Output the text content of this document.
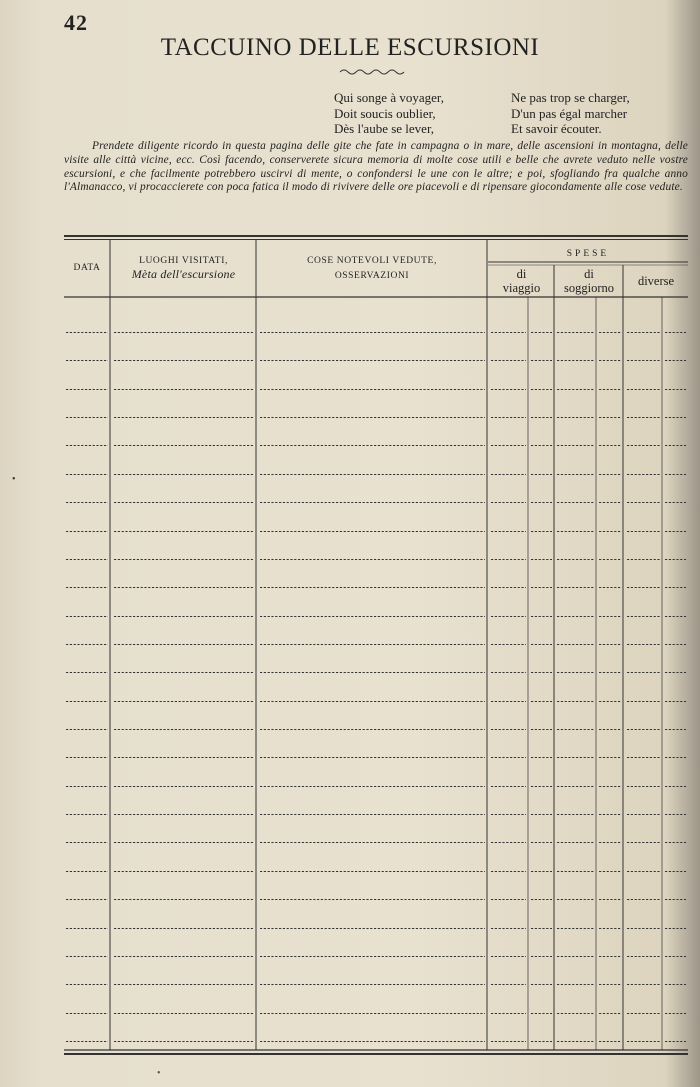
42
TACCUINO DELLE ESCURSIONI
Qui songe à voyager,
Doit soucis oublier,
Dès l'aube se lever,
Ne pas trop se charger,
D'un pas égal marcher
Et savoir écouter.
Prendete diligente ricordo in questa pagina delle gite che fate in campagna o in mare, delle ascensioni in montagna, delle visite alle città vicine, ecc. Così facendo, conserverete sicura memoria di molte cose utili e belle che avrete veduto nelle vostre escursioni, e che facilmente potrebbero uscirvi di mente, o confondersi le une con le altre; e poi, sfogliando fra qualche anno l'Almanacco, vi procaccierete con poca fatica il modo di rivivere delle ore piacevoli e di ripensare giocondamente alle cose vedute.
DATA
LUOGHI VISITATI,
Mèta dell'escursione
COSE NOTEVOLI VEDUTE,
OSSERVAZIONI
SPESE
di
viaggio
di
soggiorno	diverse
•
•
